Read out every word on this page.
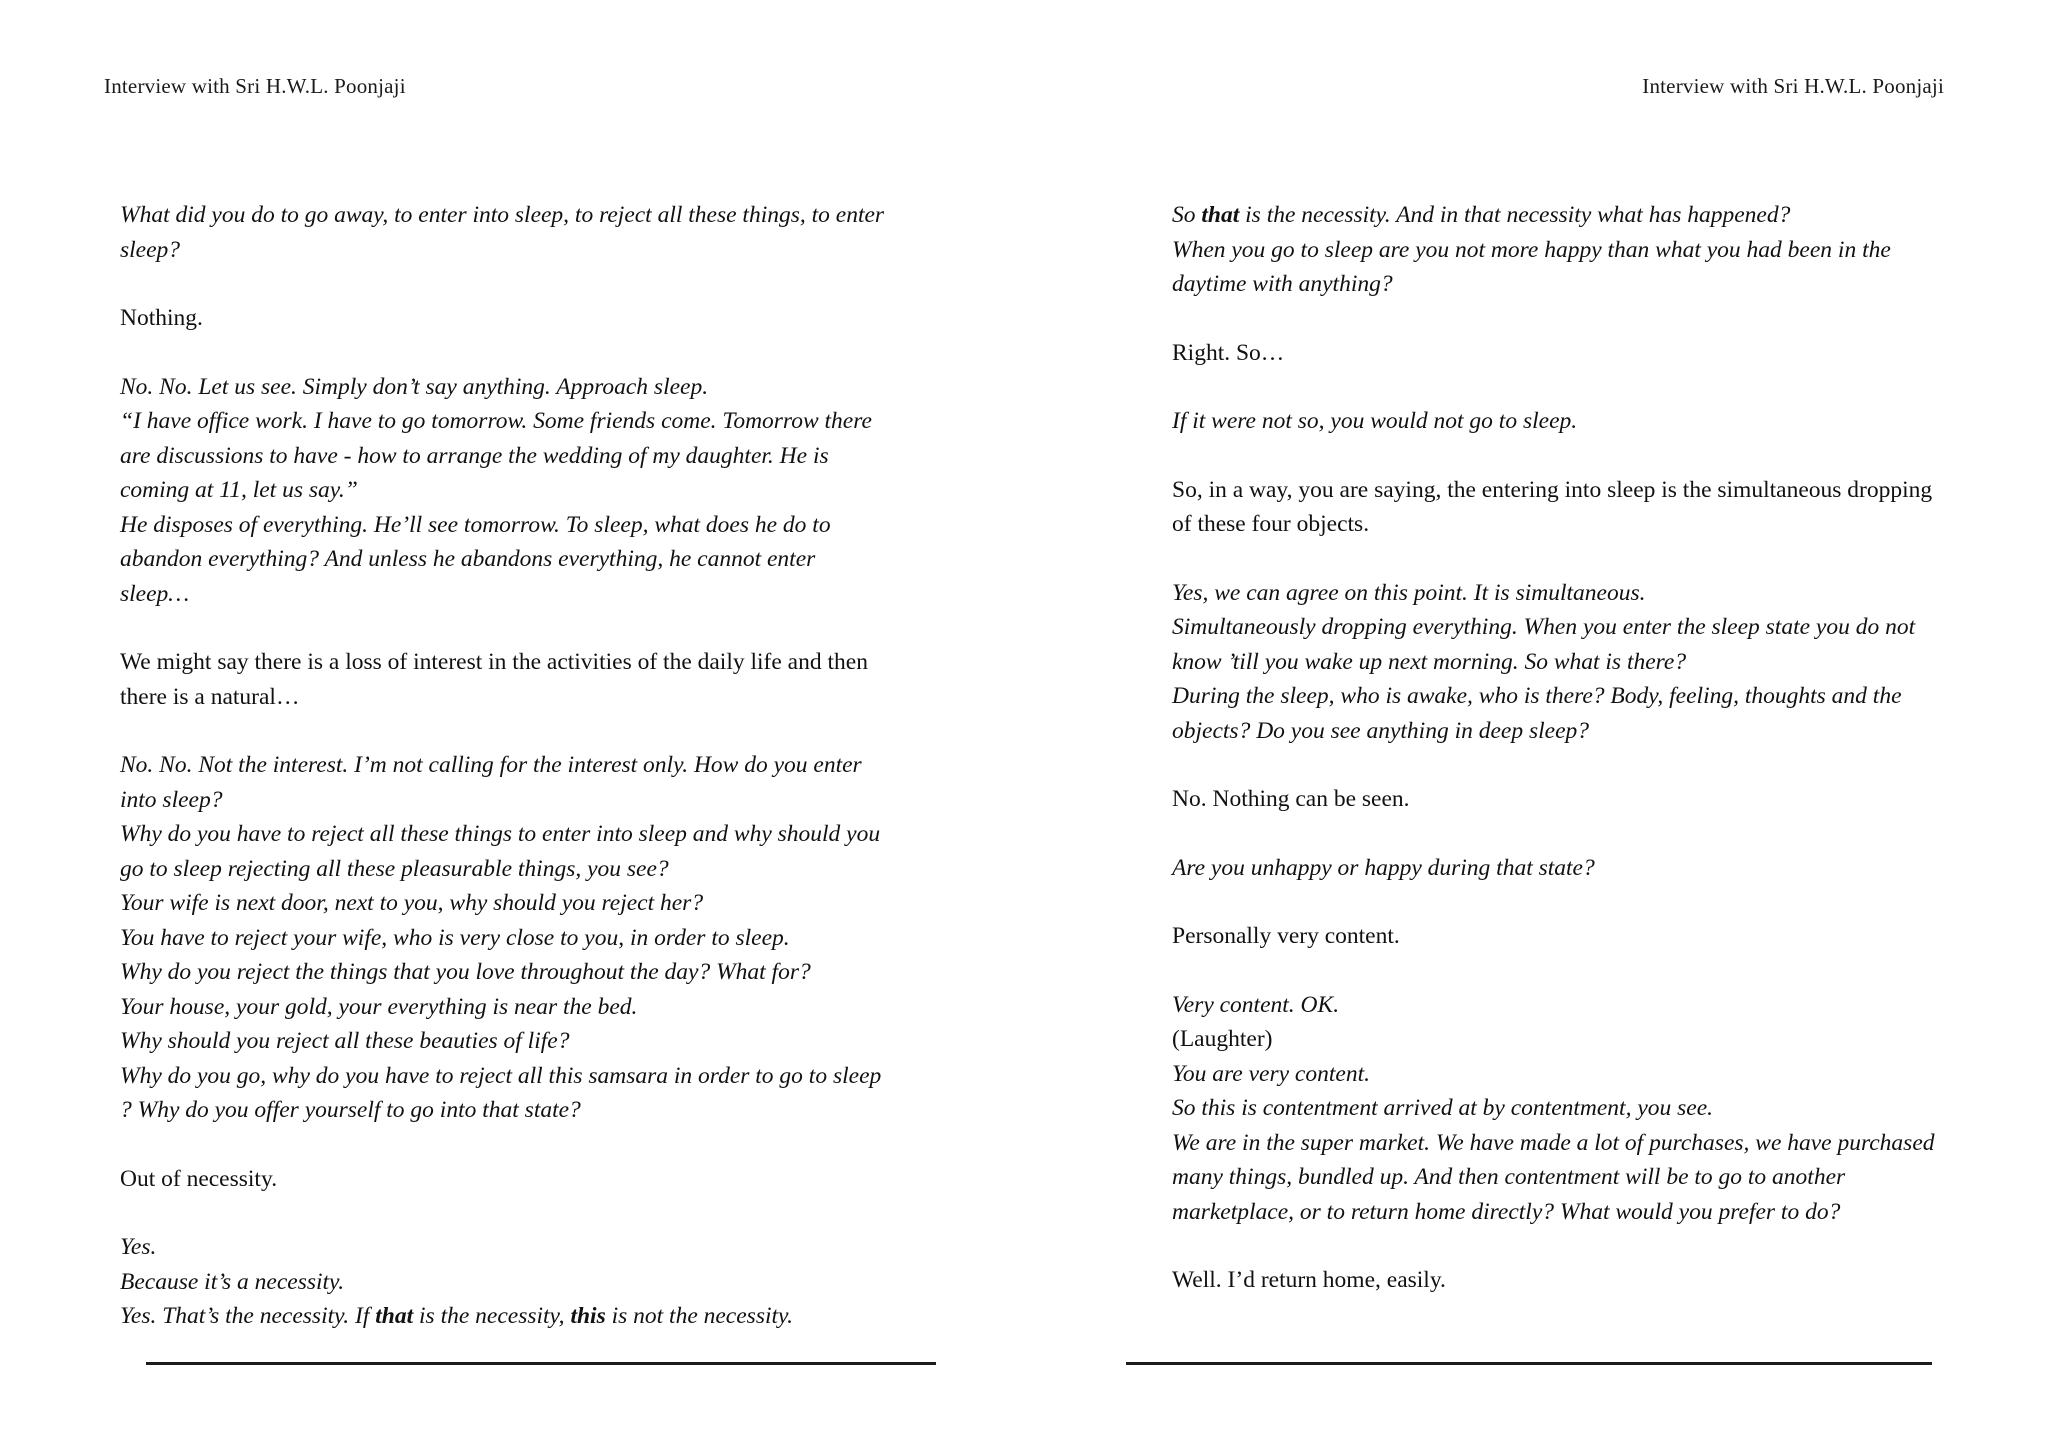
Interview with Sri H.W.L. Poonjaji
What did you do to go away, to enter into sleep, to reject all these things, to enter sleep?
Nothing.
No. No. Let us see. Simply don’t say anything. Approach sleep.
“I have office work. I have to go tomorrow. Some friends come. Tomorrow there are discussions to have - how to arrange the wedding of my daughter. He is coming at 11, let us say.”
He disposes of everything. He’ll see tomorrow. To sleep, what does he do to abandon everything? And unless he abandons everything, he cannot enter sleep…
We might say there is a loss of interest in the activities of the daily life and then there is a natural…
No. No. Not the interest. I’m not calling for the interest only. How do you enter into sleep?
Why do you have to reject all these things to enter into sleep and why should you go to sleep rejecting all these pleasurable things, you see?
Your wife is next door, next to you, why should you reject her?
You have to reject your wife, who is very close to you, in order to sleep.
Why do you reject the things that you love throughout the day? What for?
Your house, your gold, your everything is near the bed.
Why should you reject all these beauties of life?
Why do you go, why do you have to reject all this samsara in order to go to sleep ? Why do you offer yourself to go into that state?
Out of necessity.
Yes.
Because it’s a necessity.
Yes. That’s the necessity. If that is the necessity, this is not the necessity.
Interview with Sri H.W.L. Poonjaji
So that is the necessity. And in that necessity what has happened?
When you go to sleep are you not more happy than what you had been in the daytime with anything?
Right. So…
If it were not so, you would not go to sleep.
So, in a way, you are saying, the entering into sleep is the simultaneous dropping of these four objects.
Yes, we can agree on this point. It is simultaneous.
Simultaneously dropping everything. When you enter the sleep state you do not know ’till you wake up next morning. So what is there?
During the sleep, who is awake, who is there? Body, feeling, thoughts and the objects? Do you see anything in deep sleep?
No. Nothing can be seen.
Are you unhappy or happy during that state?
Personally very content.
Very content. OK.
(Laughter)
You are very content.
So this is contentment arrived at by contentment, you see.
We are in the super market. We have made a lot of purchases, we have purchased many things, bundled up. And then contentment will be to go to another marketplace, or to return home directly? What would you prefer to do?
Well. I’d return home, easily.
